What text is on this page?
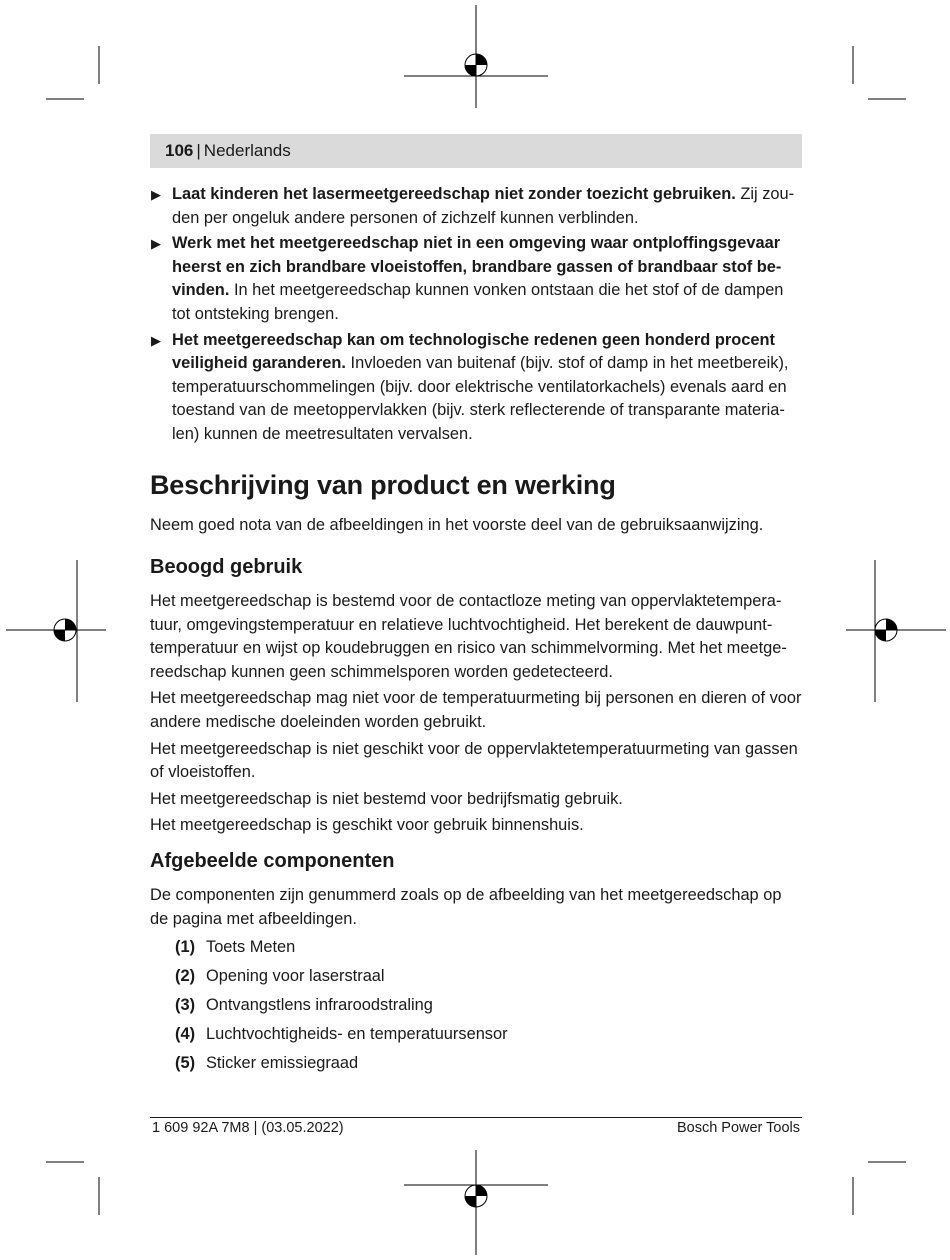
106 | Nederlands
▶ Laat kinderen het lasermeetgereedschap niet zonder toezicht gebruiken. Zij zouden per ongeluk andere personen of zichzelf kunnen verblinden.
▶ Werk met het meetgereedschap niet in een omgeving waar ontploffingsgevaar heerst en zich brandbare vloeistoffen, brandbare gassen of brandbaar stof bevinden. In het meetgereedschap kunnen vonken ontstaan die het stof of de dampen tot ontsteking brengen.
▶ Het meetgereedschap kan om technologische redenen geen honderd procent veiligheid garanderen. Invloeden van buitenaf (bijv. stof of damp in het meetbereik), temperatuurschommelingen (bijv. door elektrische ventilatorkachels) evenals aard en toestand van de meetoppervlakken (bijv. sterk reflecterende of transparante materialen) kunnen de meetresultaten vervalsen.
Beschrijving van product en werking
Neem goed nota van de afbeeldingen in het voorste deel van de gebruiksaanwijzing.
Beoogd gebruik
Het meetgereedschap is bestemd voor de contactloze meting van oppervlaktetemperatuur, omgevingstemperatuur en relatieve luchtvochtigheid. Het berekent de dauwpunttemperatuur en wijst op koudebruggen en risico van schimmelvorming. Met het meetgereedschap kunnen geen schimmelsporen worden gedetecteerd.
Het meetgereedschap mag niet voor de temperatuurmeting bij personen en dieren of voor andere medische doeleinden worden gebruikt.
Het meetgereedschap is niet geschikt voor de oppervlaktetemperatuurmeting van gassen of vloeistoffen.
Het meetgereedschap is niet bestemd voor bedrijfsmatig gebruik.
Het meetgereedschap is geschikt voor gebruik binnenshuis.
Afgebeelde componenten
De componenten zijn genummerd zoals op de afbeelding van het meetgereedschap op de pagina met afbeeldingen.
(1) Toets Meten
(2) Opening voor laserstraal
(3) Ontvangstlens infraroodstraling
(4) Luchtvochtigheids- en temperatuursensor
(5) Sticker emissiegraad
1 609 92A 7M8 | (03.05.2022)	Bosch Power Tools
